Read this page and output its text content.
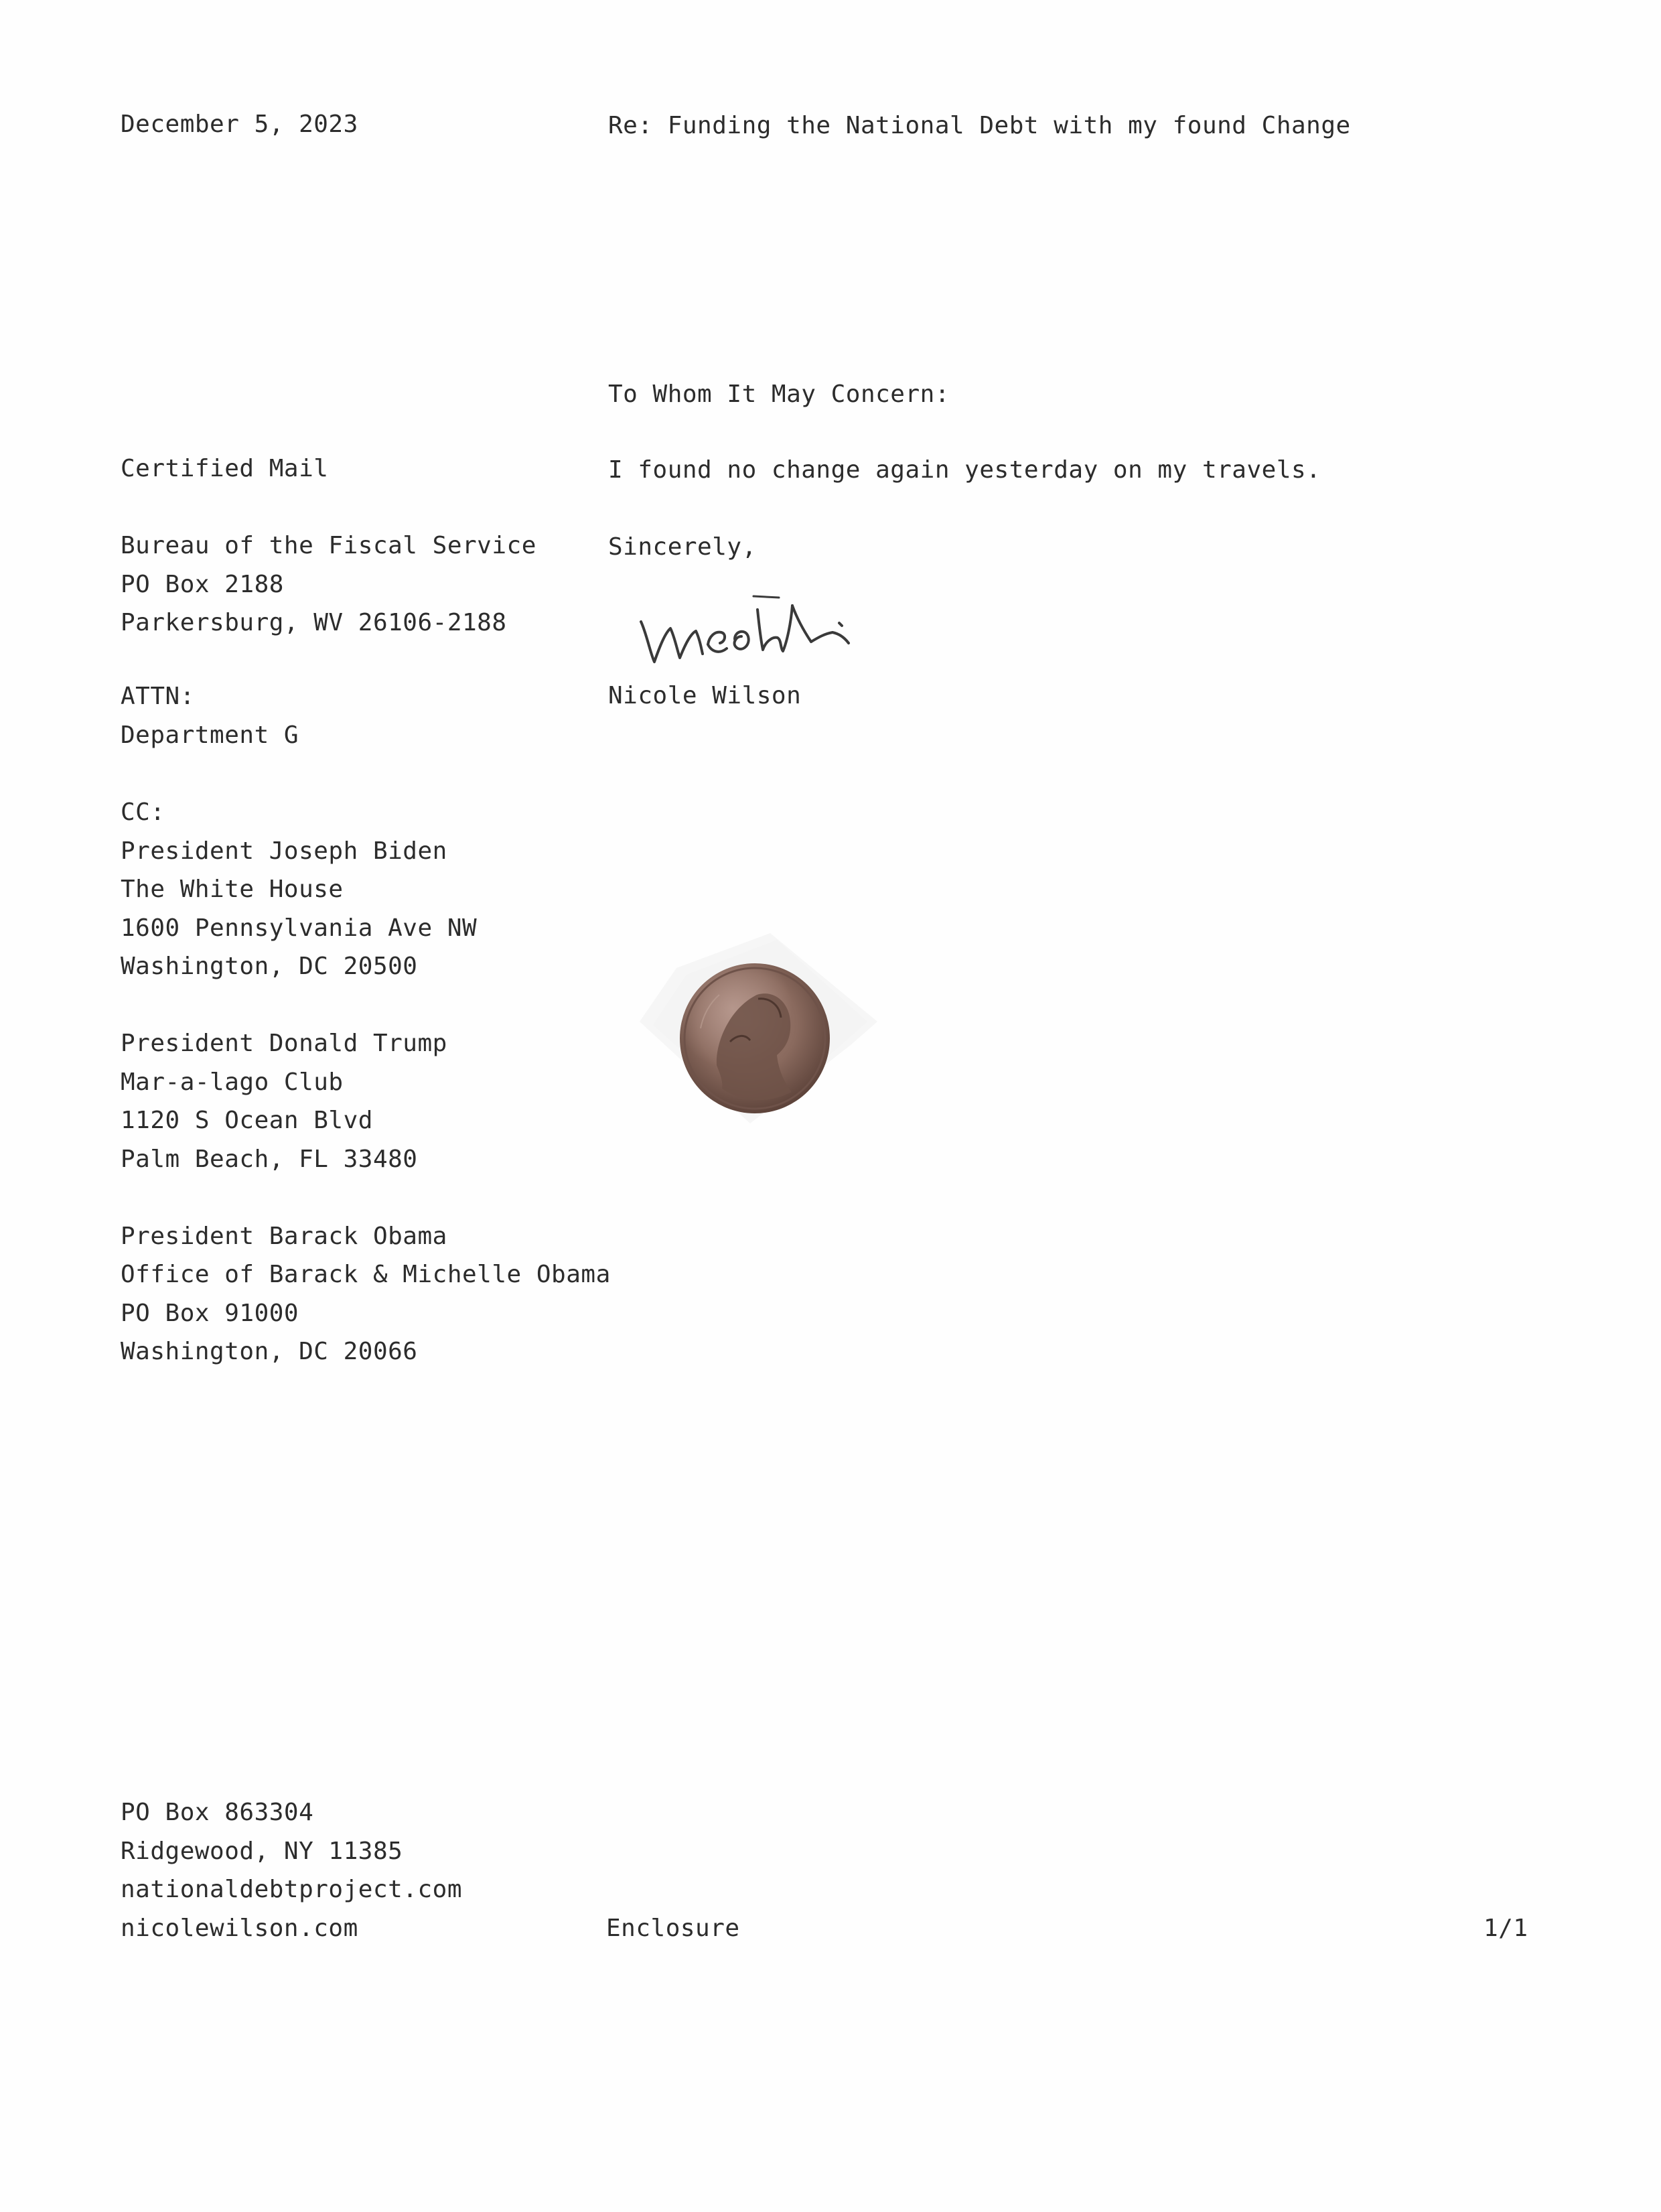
December 5, 2023	Re: Funding the National Debt with my found Change
To Whom It May Concern:
Certified Mail	I found no change again yesterday on my travels.
Bureau of the Fiscal Service
PO Box 2188
Parkersburg, WV 26106-2188
Sincerely,
Nicole Wilson
ATTN:
Department G
CC:
President Joseph Biden
The White House
1600 Pennsylvania Ave NW
Washington, DC 20500
President Donald Trump
Mar-a-lago Club
1120 S Ocean Blvd
Palm Beach, FL 33480
President Barack Obama
Office of Barack & Michelle Obama
PO Box 91000
Washington, DC 20066
PO Box 863304
Ridgewood, NY 11385
nationaldebtproject.com
nicolewilson.com	Enclosure	1/1
